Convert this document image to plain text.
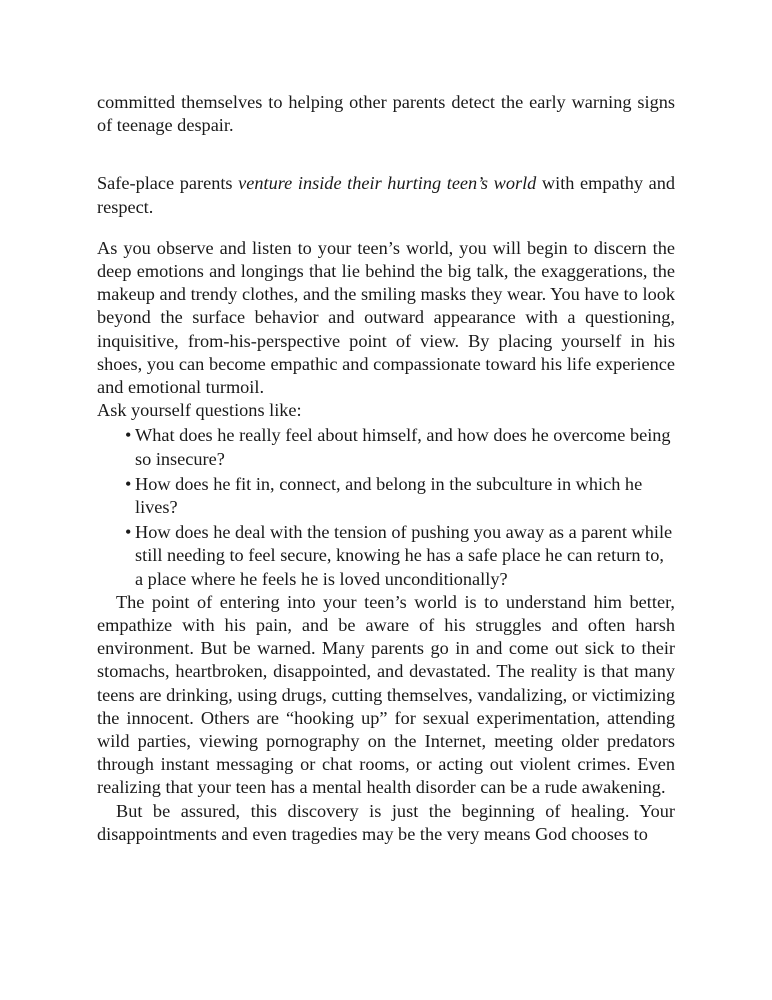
committed themselves to helping other parents detect the early warning signs of teenage despair.

Safe-place parents venture inside their hurting teen’s world with empathy and respect.

As you observe and listen to your teen’s world, you will begin to discern the deep emotions and longings that lie behind the big talk, the exaggerations, the makeup and trendy clothes, and the smiling masks they wear. You have to look beyond the surface behavior and outward appearance with a questioning, inquisitive, from-his-perspective point of view. By placing yourself in his shoes, you can become empathic and compassionate toward his life experience and emotional turmoil.

Ask yourself questions like:

• What does he really feel about himself, and how does he overcome being so insecure?
• How does he fit in, connect, and belong in the subculture in which he lives?
• How does he deal with the tension of pushing you away as a parent while still needing to feel secure, knowing he has a safe place he can return to, a place where he feels he is loved unconditionally?

The point of entering into your teen’s world is to understand him better, empathize with his pain, and be aware of his struggles and often harsh environment. But be warned. Many parents go in and come out sick to their stomachs, heartbroken, disappointed, and devastated. The reality is that many teens are drinking, using drugs, cutting themselves, vandalizing, or victimizing the innocent. Others are “hooking up” for sexual experimentation, attending wild parties, viewing pornography on the Internet, meeting older predators through instant messaging or chat rooms, or acting out violent crimes. Even realizing that your teen has a mental health disorder can be a rude awakening.

But be assured, this discovery is just the beginning of healing. Your disappointments and even tragedies may be the very means God chooses to
